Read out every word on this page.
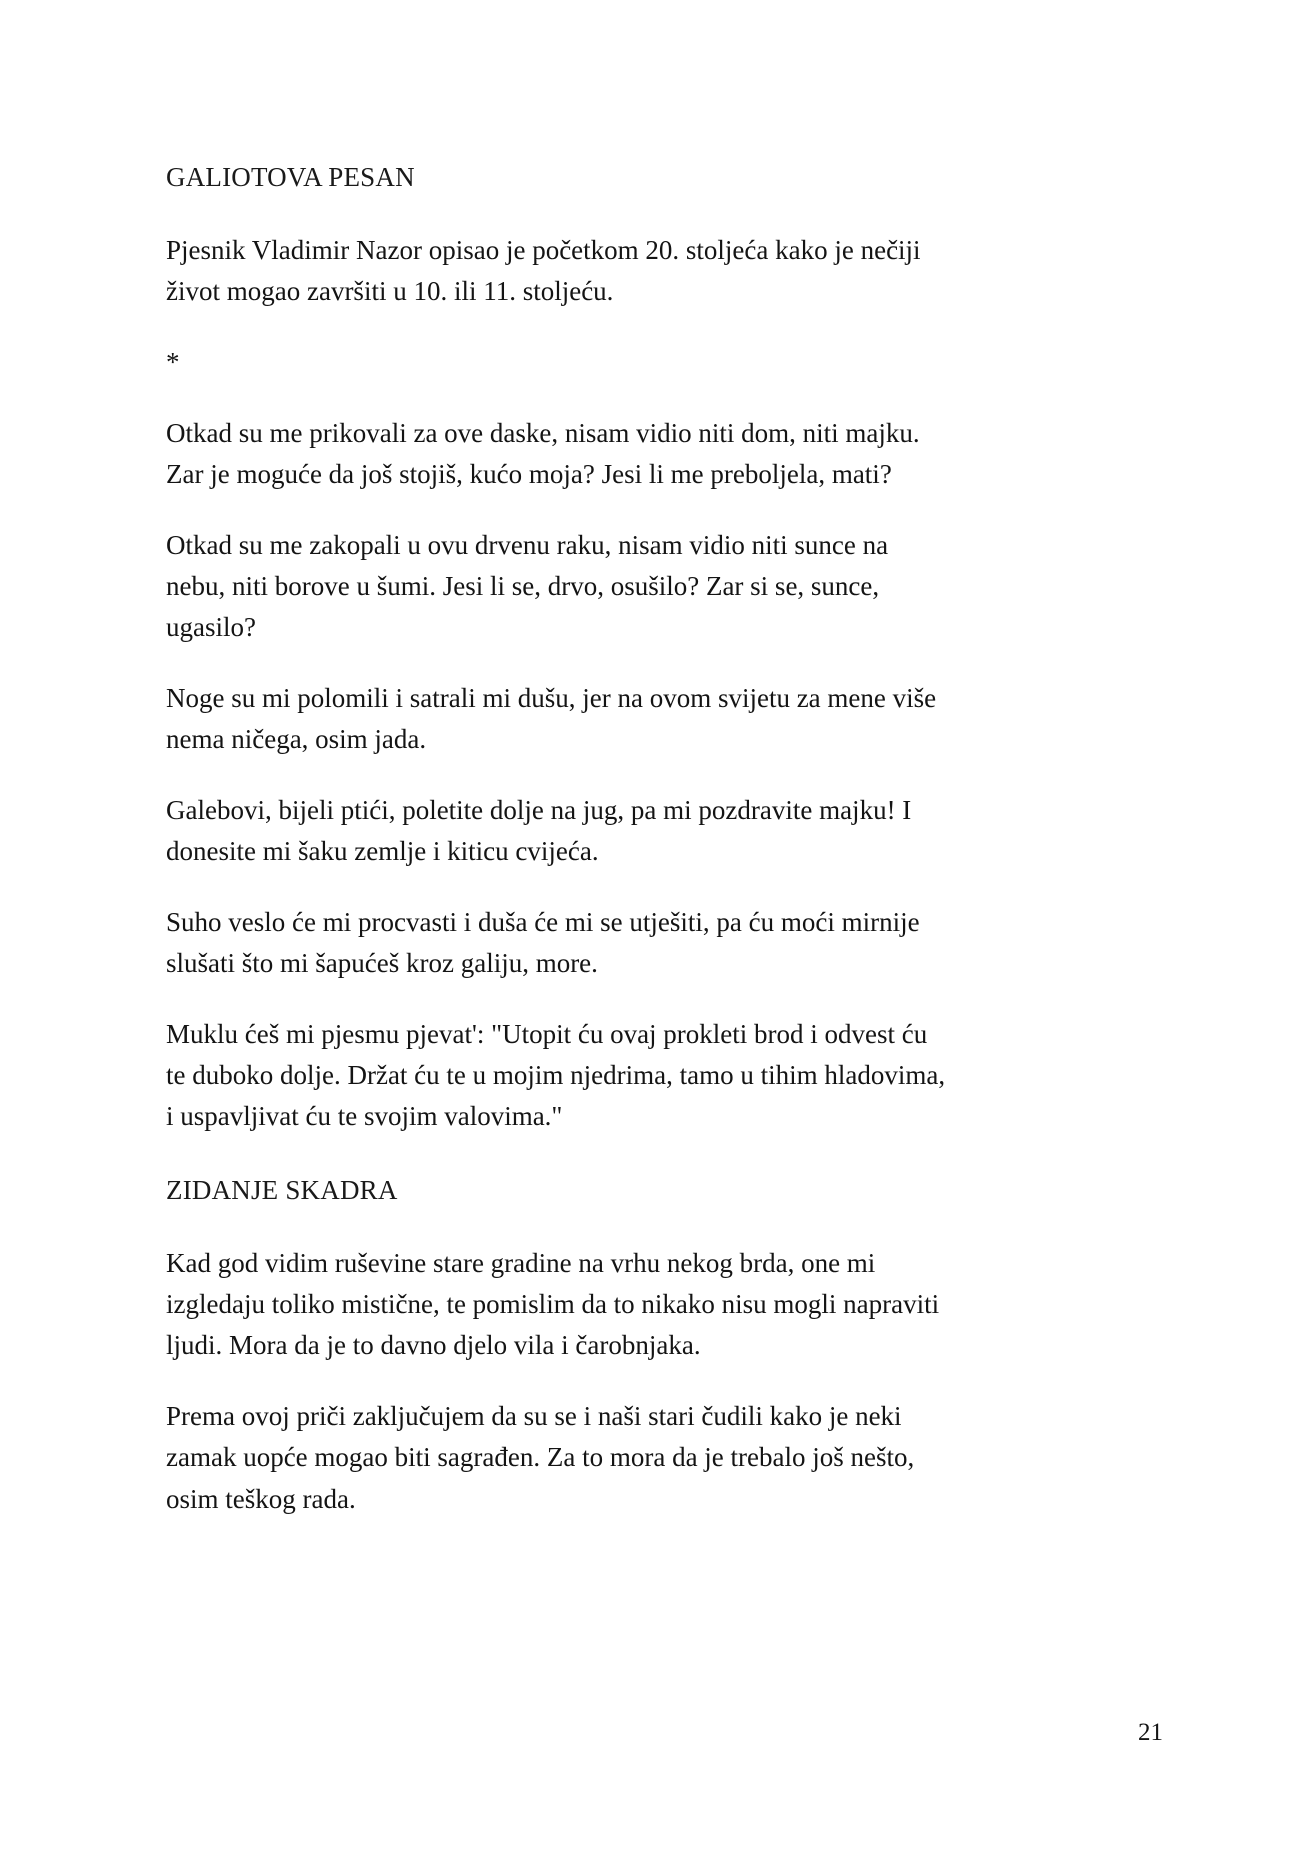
GALIOTOVA PESAN

Pjesnik Vladimir Nazor opisao je početkom 20. stoljeća kako je nečiji život mogao završiti u 10. ili 11. stoljeću.

*

Otkad su me prikovali za ove daske, nisam vidio niti dom, niti majku. Zar je moguće da još stojiš, kućo moja? Jesi li me preboljela, mati?

Otkad su me zakopali u ovu drvenu raku, nisam vidio niti sunce na nebu, niti borove u šumi. Jesi li se, drvo, osušilo? Zar si se, sunce, ugasilo?

Noge su mi polomili i satrali mi dušu, jer na ovom svijetu za mene više nema ničega, osim jada.

Galebovi, bijeli ptići, poletite dolje na jug, pa mi pozdravite majku! I donesite mi šaku zemlje i kiticu cvijeća.

Suho veslo će mi procvasti i duša će mi se utješiti, pa ću moći mirnije slušati što mi šapućeš kroz galiju, more.

Muklu ćeš mi pjesmu pjevat': "Utopit ću ovaj prokleti brod i odvest ću te duboko dolje. Držat ću te u mojim njedrima, tamo u tihim hladovima, i uspavljivat ću te svojim valovima."

ZIDANJE SKADRA

Kad god vidim ruševine stare gradine na vrhu nekog brda, one mi izgledaju toliko mistične, te pomislim da to nikako nisu mogli napraviti ljudi. Mora da je to davno djelo vila i čarobnjaka.

Prema ovoj priči zaključujem da su se i naši stari čudili kako je neki zamak uopće mogao biti sagrađen. Za to mora da je trebalo još nešto, osim teškog rada.

21
